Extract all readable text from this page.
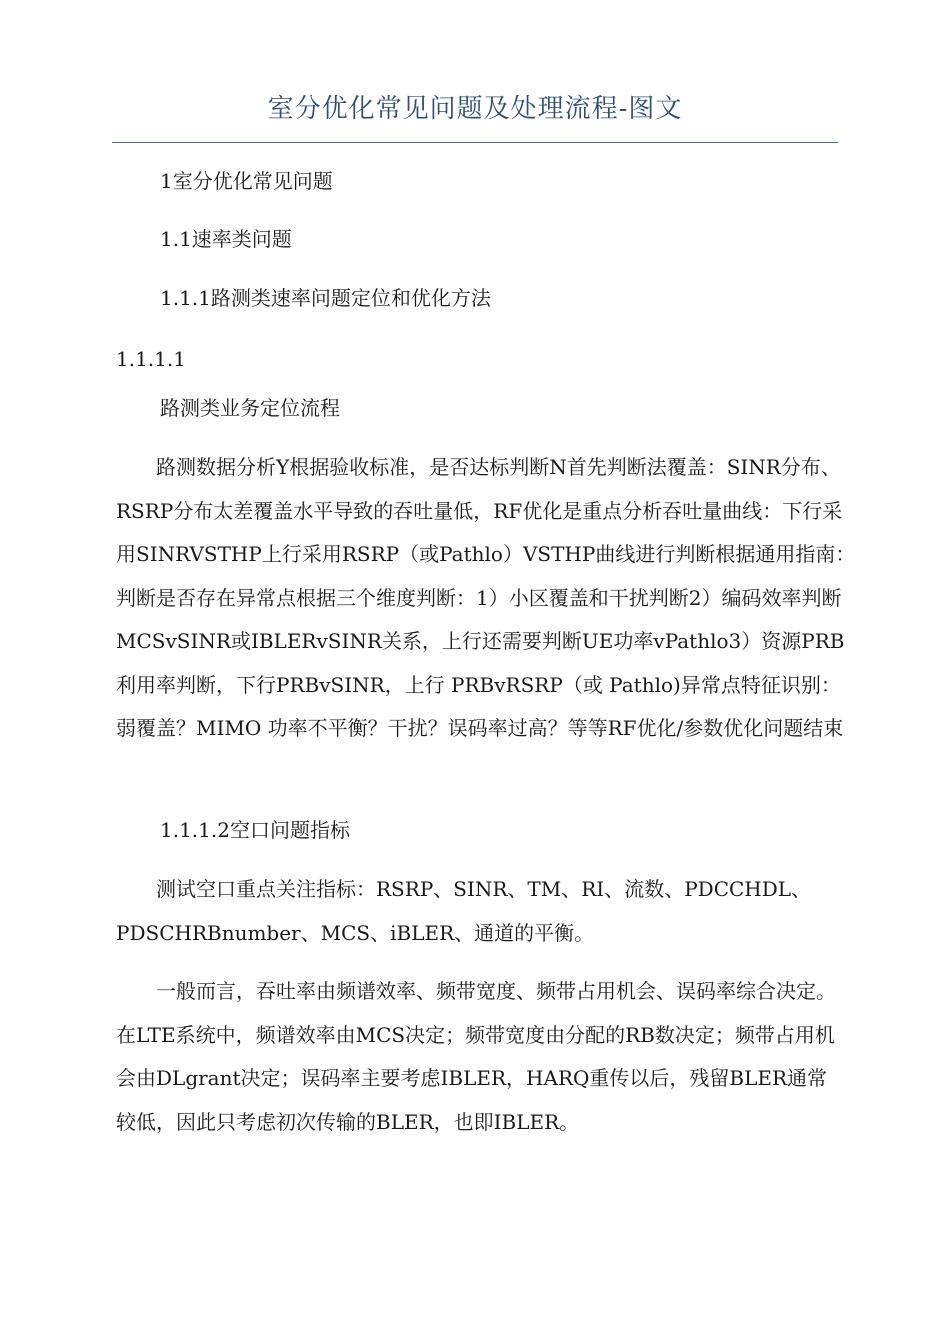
室分优化常见问题及处理流程-图文
1室分优化常见问题
1.1速率类问题
1.1.1路测类速率问题定位和优化方法
1.1.1.1
路测类业务定位流程
路测数据分析Y根据验收标准，是否达标判断N首先判断法覆盖：SINR分布、RSRP分布太差覆盖水平导致的吞吐量低，RF优化是重点分析吞吐量曲线：下行采用SINRVSTHP上行采用RSRP（或Pathlo）VSTHP曲线进行判断根据通用指南：判断是否存在异常点根据三个维度判断：1）小区覆盖和干扰判断2）编码效率判断MCSvSINR或IBLERvSINR关系，上行还需要判断UE功率vPathlo3）资源PRB利用率判断，下行PRBvSINR，上行 PRBvRSRP（或 Pathlo)异常点特征识别：弱覆盖？MIMO 功率不平衡？干扰？误码率过高？等等RF优化/参数优化问题结束
1.1.1.2空口问题指标
测试空口重点关注指标：RSRP、SINR、TM、RI、流数、PDCCHDL、PDSCHRBnumber、MCS、iBLER、通道的平衡。
一般而言，吞吐率由频谱效率、频带宽度、频带占用机会、误码率综合决定。在LTE系统中，频谱效率由MCS决定；频带宽度由分配的RB数决定；频带占用机会由DLgrant决定；误码率主要考虑IBLER，HARQ重传以后，残留BLER通常较低，因此只考虑初次传输的BLER，也即IBLER。
